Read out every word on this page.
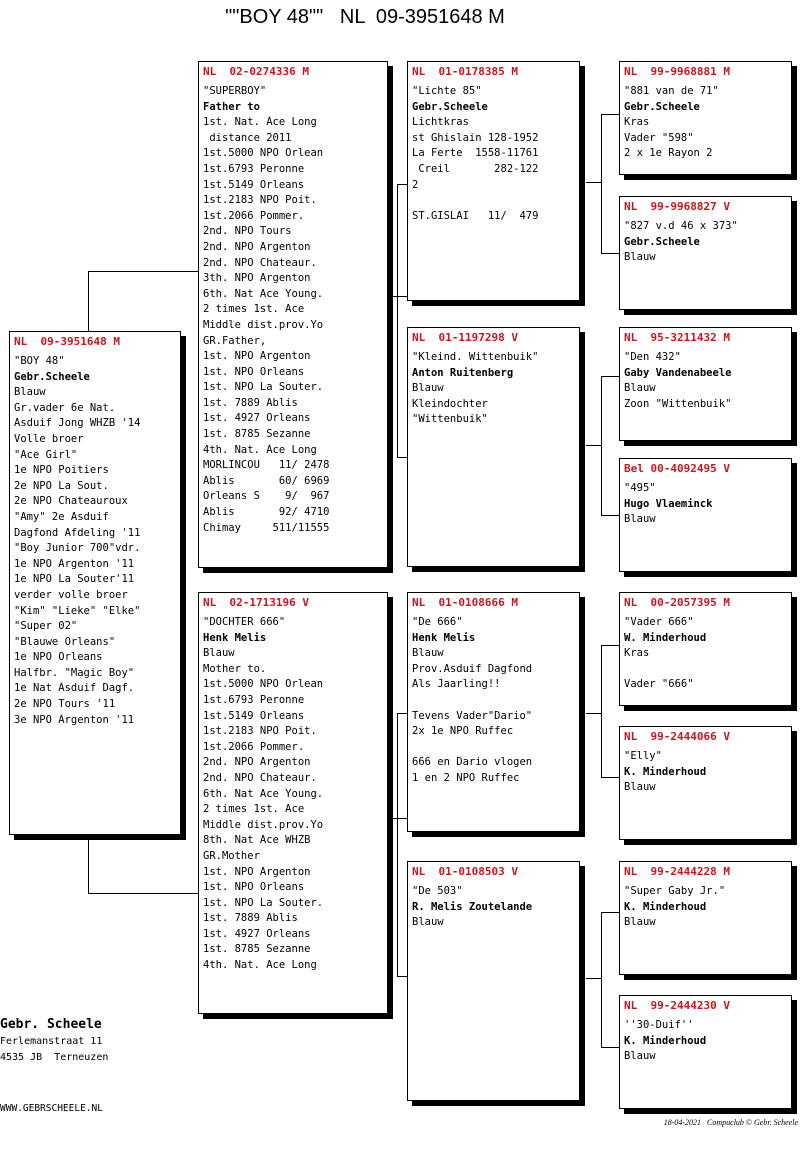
""BOY 48""   NL  09-3951648 M
NL  09-3951648 M
"BOY 48"
Gebr.Scheele
Blauw
Gr.vader 6e Nat.
Asduif Jong WHZB '14
Volle broer
"Ace Girl"
1e NPO Poitiers
2e NPO La Sout.
2e NPO Chateauroux
"Amy" 2e Asduif
Dagfond Afdeling '11
"Boy Junior 700"vdr.
1e NPO Argenton '11
1e NPO La Souter'11
verder volle broer
"Kim" "Lieke" "Elke"
"Super 02"
"Blauwe Orleans"
1e NPO Orleans
Halfbr. "Magic Boy"
1e Nat Asduif Dagf.
2e NPO Tours '11
3e NPO Argenton '11
NL  02-0274336 M
"SUPERBOY"
Father to
1st. Nat. Ace Long
distance 2011
1st.5000 NPO Orlean
1st.6793 Peronne
1st.5149 Orleans
1st.2183 NPO Poit.
1st.2066 Pommer.
2nd. NPO Tours
2nd. NPO Argenton
2nd. NPO Chateaur.
3th. NPO Argenton
6th. Nat Ace Young.
2 times 1st. Ace
Middle dist.prov.Yo
GR.Father,
1st. NPO Argenton
1st. NPO Orleans
1st. NPO La Souter.
1st. 7889 Ablis
1st. 4927 Orleans
1st. 8785 Sezanne
4th. Nat. Ace Long
MORLINCOU   11/ 2478
Ablis       60/ 6969
Orleans S    9/  967
Ablis       92/ 4710
Chimay     511/11555
NL  02-1713196 V
"DOCHTER 666"
Henk Melis
Blauw
Mother to.
1st.5000 NPO Orlean
1st.6793 Peronne
1st.5149 Orleans
1st.2183 NPO Poit.
1st.2066 Pommer.
2nd. NPO Argenton
2nd. NPO Chateaur.
6th. Nat Ace Young.
2 times 1st. Ace
Middle dist.prov.Yo
8th. Nat Ace WHZB
GR.Mother
1st. NPO Argenton
1st. NPO Orleans
1st. NPO La Souter.
1st. 7889 Ablis
1st. 4927 Orleans
1st. 8785 Sezanne
4th. Nat. Ace Long
NL  01-0178385 M
"Lichte 85"
Gebr.Scheele
Lichtkras
st Ghislain 128-1952
La Ferte  1558-11761
Creil       282-122
2

ST.GISLAI   11/  479
NL  01-1197298 V
"Kleind. Wittenbuik"
Anton Ruitenberg
Blauw
Kleindochter
"Wittenbuik"
NL  01-0108666 M
"De 666"
Henk Melis
Blauw
Prov.Asduif Dagfond
Als Jaarling!!

Tevens Vader"Dario"
2x 1e NPO Ruffec

666 en Dario vlogen
1 en 2 NPO Ruffec
NL  01-0108503 V
"De 503"
R. Melis Zoutelande
Blauw
NL  99-9968881 M
"881 van de 71"
Gebr.Scheele
Kras
Vader "598"
2 x 1e Rayon 2
NL  99-9968827 V
"827 v.d 46 x 373"
Gebr.Scheele
Blauw
NL  95-3211432 M
"Den 432"
Gaby Vandenabeele
Blauw
Zoon "Wittenbuik"
Bel 00-4092495 V
"495"
Hugo Vlaeminck
Blauw
NL  00-2057395 M
"Vader 666"
W. Minderhoud
Kras

Vader "666"
NL  99-2444066 V
"Elly"
K. Minderhoud
Blauw
NL  99-2444228 M
"Super Gaby Jr."
K. Minderhoud
Blauw
NL  99-2444230 V
''30-Duif''
K. Minderhoud
Blauw
Gebr. Scheele
Ferlemanstraat 11
4535 JB  Terneuzen
WWW.GEBRSCHEELE.NL
18-04-2021   Compuclub © Gebr. Scheele
